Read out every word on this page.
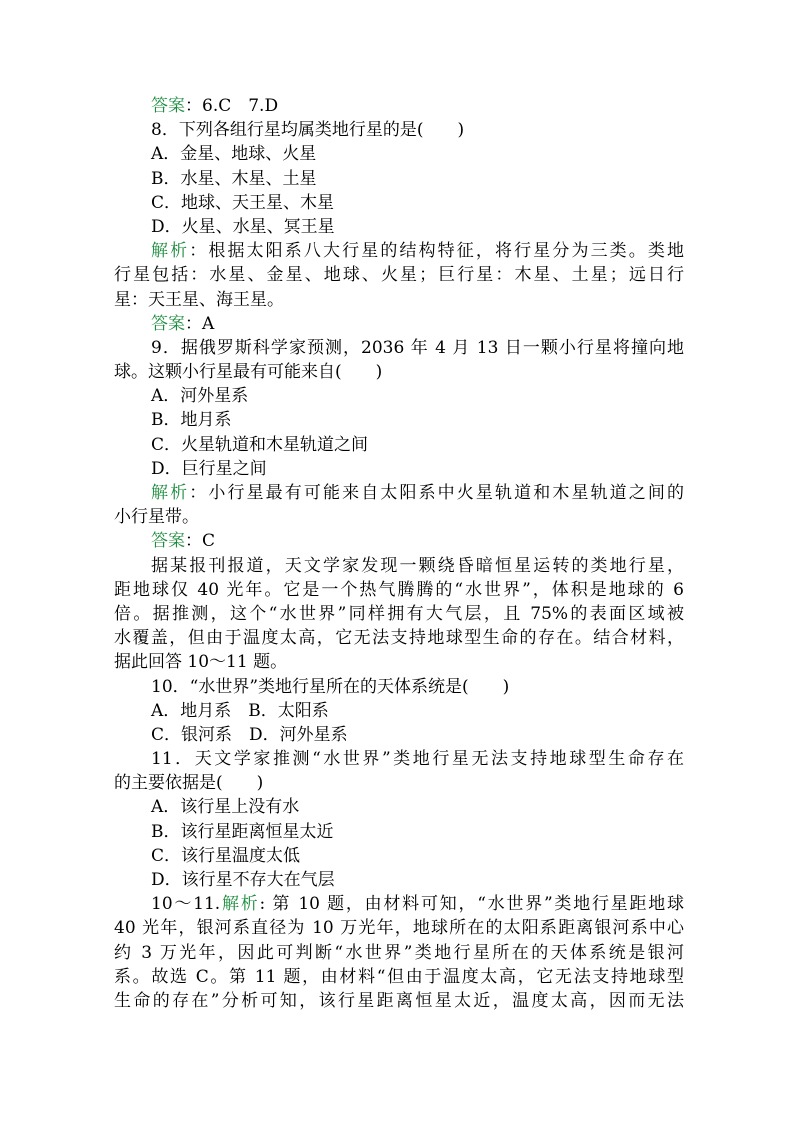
答案：6.C　7.D
8．下列各组行星均属类地行星的是(　　)
A．金星、地球、火星
B．水星、木星、土星
C．地球、天王星、木星
D．火星、水星、冥王星
解析：根据太阳系八大行星的结构特征，将行星分为三类。类地
行星包括：水星、金星、地球、火星；巨行星：木星、土星；远日行
星：天王星、海王星。
答案：A
9．据俄罗斯科学家预测，2036 年 4 月 13 日一颗小行星将撞向地
球。这颗小行星最有可能来自(　　)
A．河外星系
B．地月系
C．火星轨道和木星轨道之间
D．巨行星之间
解析：小行星最有可能来自太阳系中火星轨道和木星轨道之间的
小行星带。
答案：C
据某报刊报道，天文学家发现一颗绕昏暗恒星运转的类地行星，
距地球仅 40 光年。它是一个热气腾腾的“水世界”，体积是地球的 6
倍。据推测，这个“水世界”同样拥有大气层，且 75%的表面区域被
水覆盖，但由于温度太高，它无法支持地球型生命的存在。结合材料，
据此回答 10～11 题。
10．“水世界”类地行星所在的天体系统是(　　)
A．地月系　B．太阳系
C．银河系　D．河外星系
11．天文学家推测“水世界”类地行星无法支持地球型生命存在
的主要依据是(　　)
A．该行星上没有水
B．该行星距离恒星太近
C．该行星温度太低
D．该行星不存大在气层
10～11.解析: 第 10 题，由材料可知，“水世界”类地行星距地球
40 光年，银河系直径为 10 万光年，地球所在的太阳系距离银河系中心
约 3 万光年，因此可判断“水世界”类地行星所在的天体系统是银河
系。故选 C。第 11 题，由材料“但由于温度太高，它无法支持地球型
生命的存在”分析可知，该行星距离恒星太近，温度太高，因而无法
